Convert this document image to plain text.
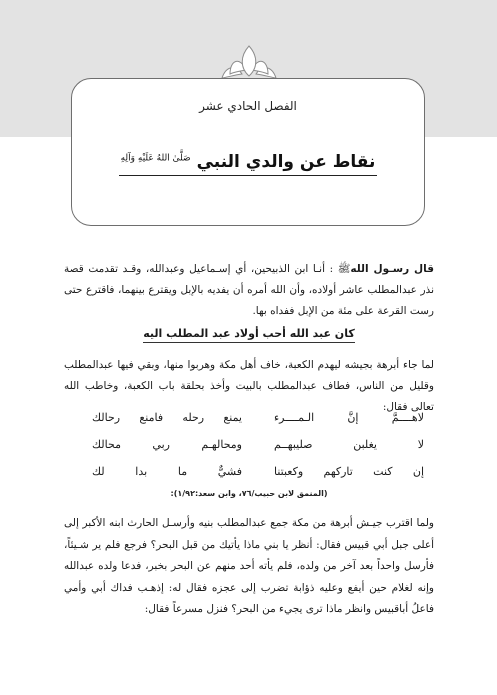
الفصل الحادي عشر
نقاط عن والدي النبي $^{صَلَّىٰ اللهُ عَلَيْهِ وَآلِهِ}$
قال رسـول اللهﷺ : أنـا ابن الذبيحين، أي إسـماعيل وعبدالله، وقـد تقدمت قصة نذر عبدالمطلب عاشر أولاده، وأن الله أمره أن يفديه بالإبل ويقترع بينهما، فاقترع حتى رست القرعة على مئة من الإبل ففداه بها.
كان عبد الله أحب أولاد عبد المطلب اليه
لما جاء أبرهة بجيشه ليهدم الكعبة، خاف أهل مكة وهربوا منها، وبقي فيها عبدالمطلب وقليل من الناس، فطاف عبدالمطلب بالبيت وأخذ بحلقة باب الكعبة، وخاطب الله تعالى فقال:
لاهــــمَّ إنَّ الـمــــرء
يمنع رحله فامنع رحالك
لا يغلبن صليبهــم
ومحالهـم ربي محالك
إن كنت تاركهم وكعبتنا
فشيٌّ ما بدا لك
(المنمق لابن حبيب/٧٦، وابن سعد:١/٩٢):
ولما اقترب جيـش أبرهة من مكة جمع عبدالمطلب بنيه وأرسـل الحارث ابنه الأكبر إلى أعلى جبل أبي قبيس فقال: أنظر يا بني ماذا يأتيك من قبل البحر؟ فرجع فلم ير شـيئاً، فأرسل واحداً بعد آخر من ولده، فلم يأته أحد منهم عن البحر بخبر، فدعا ولده عبدالله وإنه لغلام حين أيفع وعليه ذؤابة تضرب إلى عجزه فقال له: إذهـب فداك أبي وأمي فاعلُ أباقبيس وانظر ماذا ترى يجيء من البحر؟ فنزل مسرعاً فقال:
